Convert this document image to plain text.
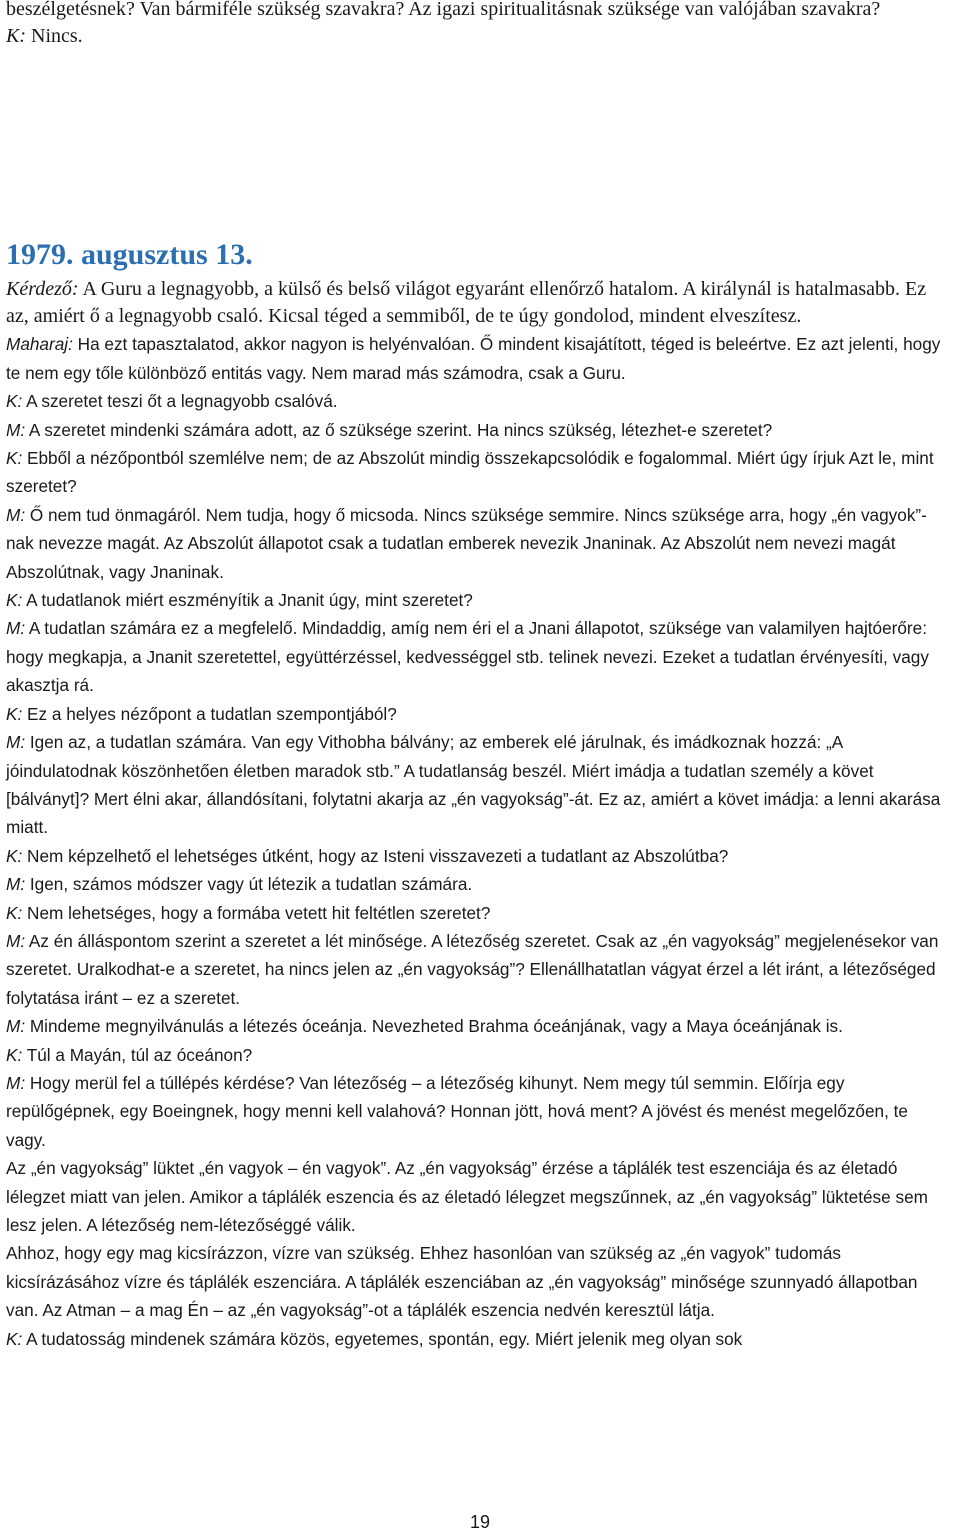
beszélgetésnek? Van bármiféle szükség szavakra? Az igazi spiritualitásnak szüksége van valójában szavakra?

K: Nincs.

1979. augusztus 13.

Kérdező: A Guru a legnagyobb, a külső és belső világot egyaránt ellenőrző hatalom. A királynál is hatalmasabb. Ez az, amiért ő a legnagyobb csaló. Kicsal téged a semmiből, de te úgy gondolod, mindent elveszítesz.

Maharaj: Ha ezt tapasztalatod, akkor nagyon is helyénvalóan. Ő mindent kisajátított, téged is beleértve. Ez azt jelenti, hogy te nem egy tőle különböző entitás vagy. Nem marad más számodra, csak a Guru.

K: A szeretet teszi őt a legnagyobb csalóvá.

M: A szeretet mindenki számára adott, az ő szüksége szerint. Ha nincs szükség, létezhet-e szeretet?

K: Ebből a nézőpontból szemlélve nem; de az Abszolút mindig összekapcsolódik e fogalommal. Miért úgy írjuk Azt le, mint szeretet?

M: Ő nem tud önmagáról. Nem tudja, hogy ő micsoda. Nincs szüksége semmire. Nincs szüksége arra, hogy „én vagyok”-nak nevezze magát. Az Abszolút állapotot csak a tudatlan emberek nevezik Jnaninak. Az Abszolút nem nevezi magát Abszolútnak, vagy Jnaninak.

K: A tudatlanok miért eszményítik a Jnanit úgy, mint szeretet?

M: A tudatlan számára ez a megfelelő. Mindaddig, amíg nem éri el a Jnani állapotot, szüksége van valamilyen hajtóerőre: hogy megkapja, a Jnanit szeretettel, együttérzéssel, kedvességgel stb. telinek nevezi. Ezeket a tudatlan érvényesíti, vagy akasztja rá.

K: Ez a helyes nézőpont a tudatlan szempontjából?

M: Igen az, a tudatlan számára. Van egy Vithobha bálvány; az emberek elé járulnak, és imádkoznak hozzá: „A jóindulatodnak köszönhetően életben maradok stb.” A tudatlanság beszél. Miért imádja a tudatlan személy a követ [bálványt]? Mert élni akar, állandósítani, folytatni akarja az „én vagyokság”-át. Ez az, amiért a követ imádja: a lenni akarása miatt.

K: Nem képzelhető el lehetséges útként, hogy az Isteni visszavezeti a tudatlant az Abszolútba?

M: Igen, számos módszer vagy út létezik a tudatlan számára.

K: Nem lehetséges, hogy a formába vetett hit feltétlen szeretet?

M: Az én álláspontom szerint a szeretet a lét minősége. A létezőség szeretet. Csak az „én vagyokság” megjelenésekor van szeretet. Uralkodhat-e a szeretet, ha nincs jelen az „én vagyokság”? Ellenállhatatlan vágyat érzel a lét iránt, a létezőséged folytatása iránt – ez a szeretet.

M: Mindeme megnyilvánulás a létezés óceánja. Nevezheted Brahma óceánjának, vagy a Maya óceánjának is.

K: Túl a Mayán, túl az óceánon?

M: Hogy merül fel a túllépés kérdése? Van létezőség – a létezőség kihunyt. Nem megy túl semmin. Előírja egy repülőgépnek, egy Boeingnek, hogy menni kell valahová? Honnan jött, hová ment? A jövést és menést megelőzően, te vagy.

Az „én vagyokság” lüktet „én vagyok – én vagyok”. Az „én vagyokság” érzése a táplálék test eszenciája és az életadó lélegzet miatt van jelen. Amikor a táplálék eszencia és az életadó lélegzet megszűnnek, az „én vagyokság” lüktetése sem lesz jelen. A létezőség nem-létezőséggé válik.

Ahhoz, hogy egy mag kicsírázzon, vízre van szükség. Ehhez hasonlóan van szükség az „én vagyok” tudomás kicsírázásához vízre és táplálék eszenciára. A táplálék eszenciában az „én vagyokság” minősége szunnyadó állapotban van. Az Atman – a mag Én – az „én vagyokság”-ot a táplálék eszencia nedvén keresztül látja.

K: A tudatosság mindenek számára közös, egyetemes, spontán, egy. Miért jelenik meg olyan sok

19
